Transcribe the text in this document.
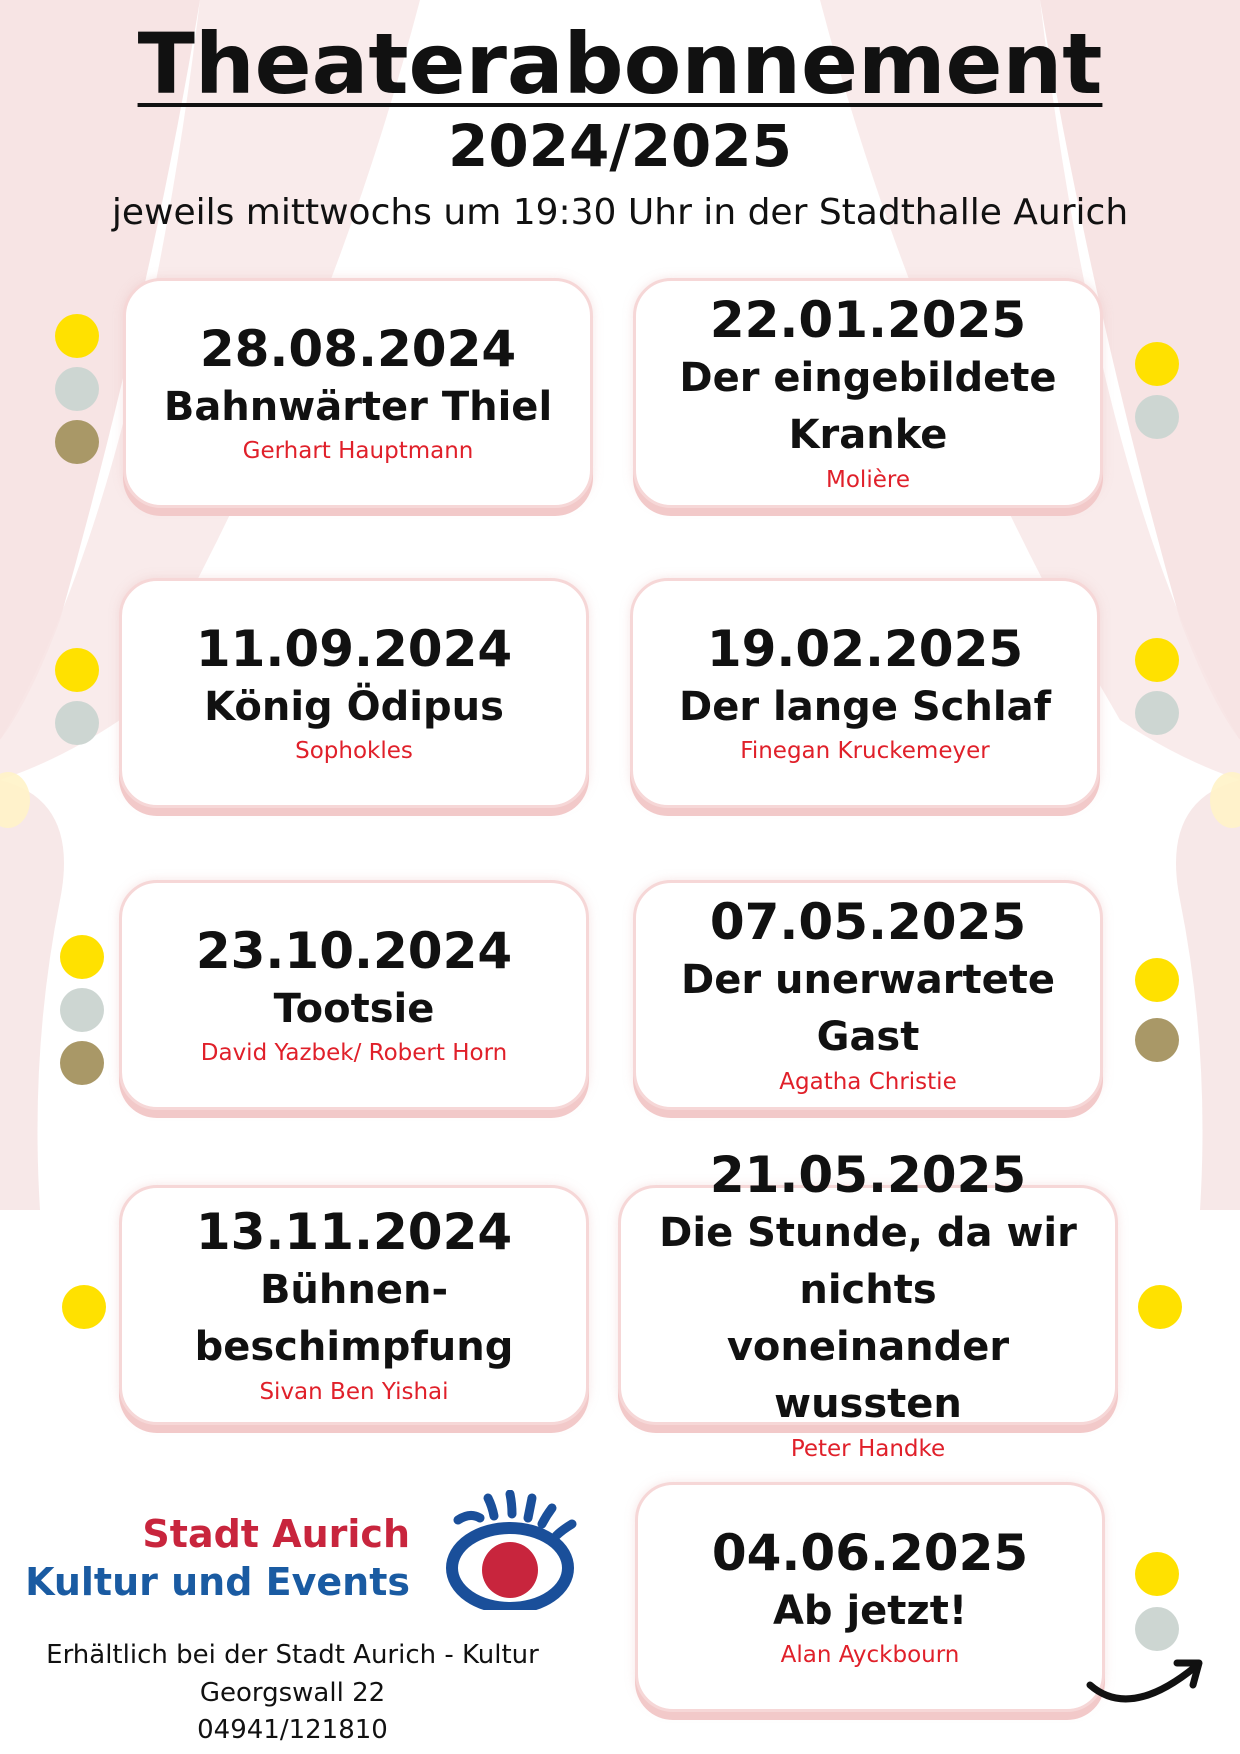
Theaterabonnement
2024/2025
jeweils mittwochs um 19:30 Uhr in der Stadthalle Aurich
28.08.2024
Bahnwärter Thiel
Gerhart Hauptmann
22.01.2025
Der eingebildete
Kranke
Molière
11.09.2024
König Ödipus
Sophokles
19.02.2025
Der lange Schlaf
Finegan Kruckemeyer
23.10.2024
Tootsie
David Yazbek/ Robert Horn
07.05.2025
Der unerwartete
Gast
Agatha Christie
13.11.2024
Bühnen-
beschimpfung
Sivan Ben Yishai
21.05.2025
Die Stunde, da wir nichts
voneinander wussten
Peter Handke
04.06.2025
Ab jetzt!
Alan Ayckbourn
Stadt Aurich
Kultur und Events
Erhältlich bei der Stadt Aurich - Kultur
Georgswall 22
04941/121810
